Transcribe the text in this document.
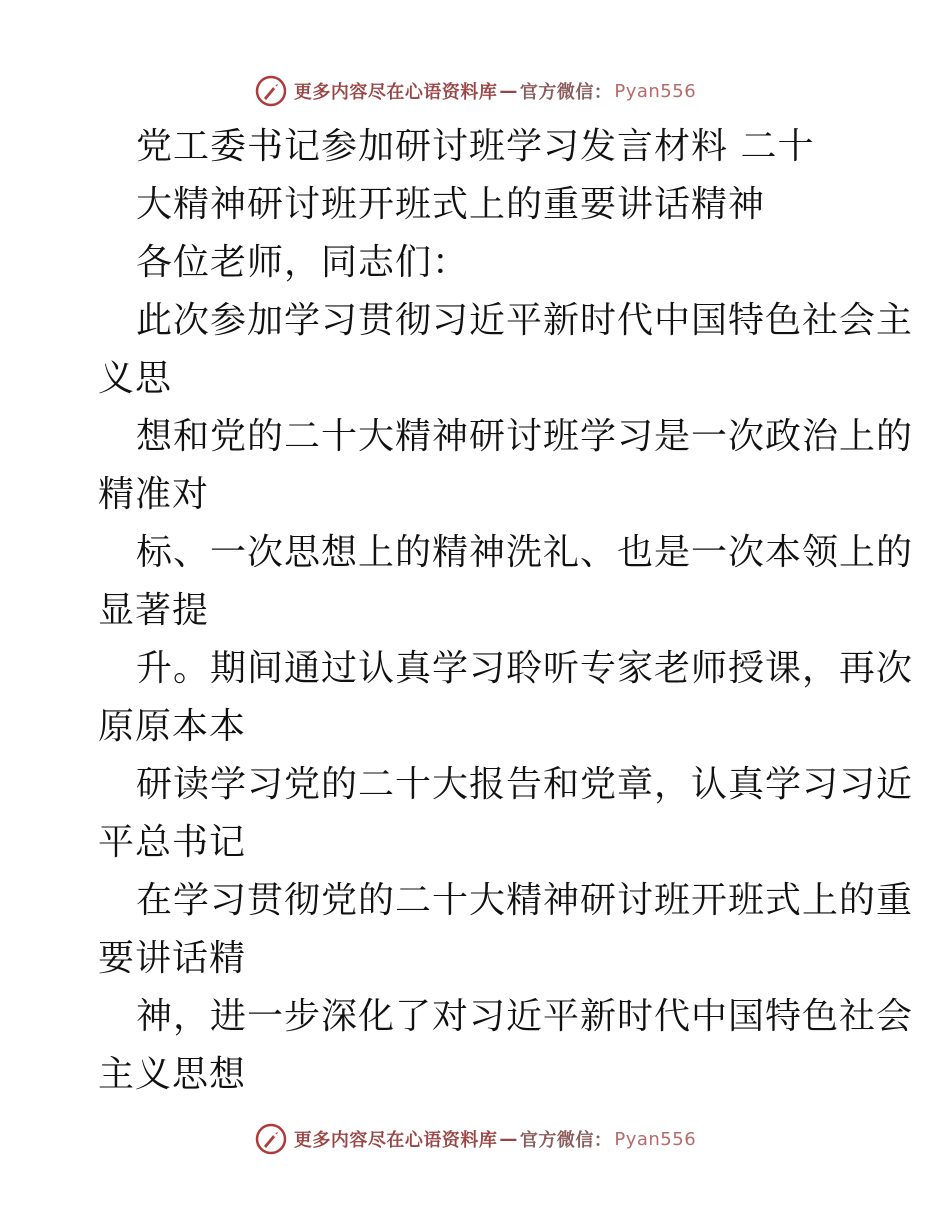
更多内容尽在心语资料库 — 官方微信： Pyan556
党工委书记参加研讨班学习发言材料 二十
大精神研讨班开班式上的重要讲话精神
各位老师，同志们：
此次参加学习贯彻习近平新时代中国特色社会主
义思
想和党的二十大精神研讨班学习是一次政治上的
精准对
标、一次思想上的精神洗礼、也是一次本领上的
显著提
升。期间通过认真学习聆听专家老师授课，再次
原原本本
研读学习党的二十大报告和党章，认真学习习近
平总书记
在学习贯彻党的二十大精神研讨班开班式上的重
要讲话精
神，进一步深化了对习近平新时代中国特色社会
主义思想
更多内容尽在心语资料库 — 官方微信： Pyan556
